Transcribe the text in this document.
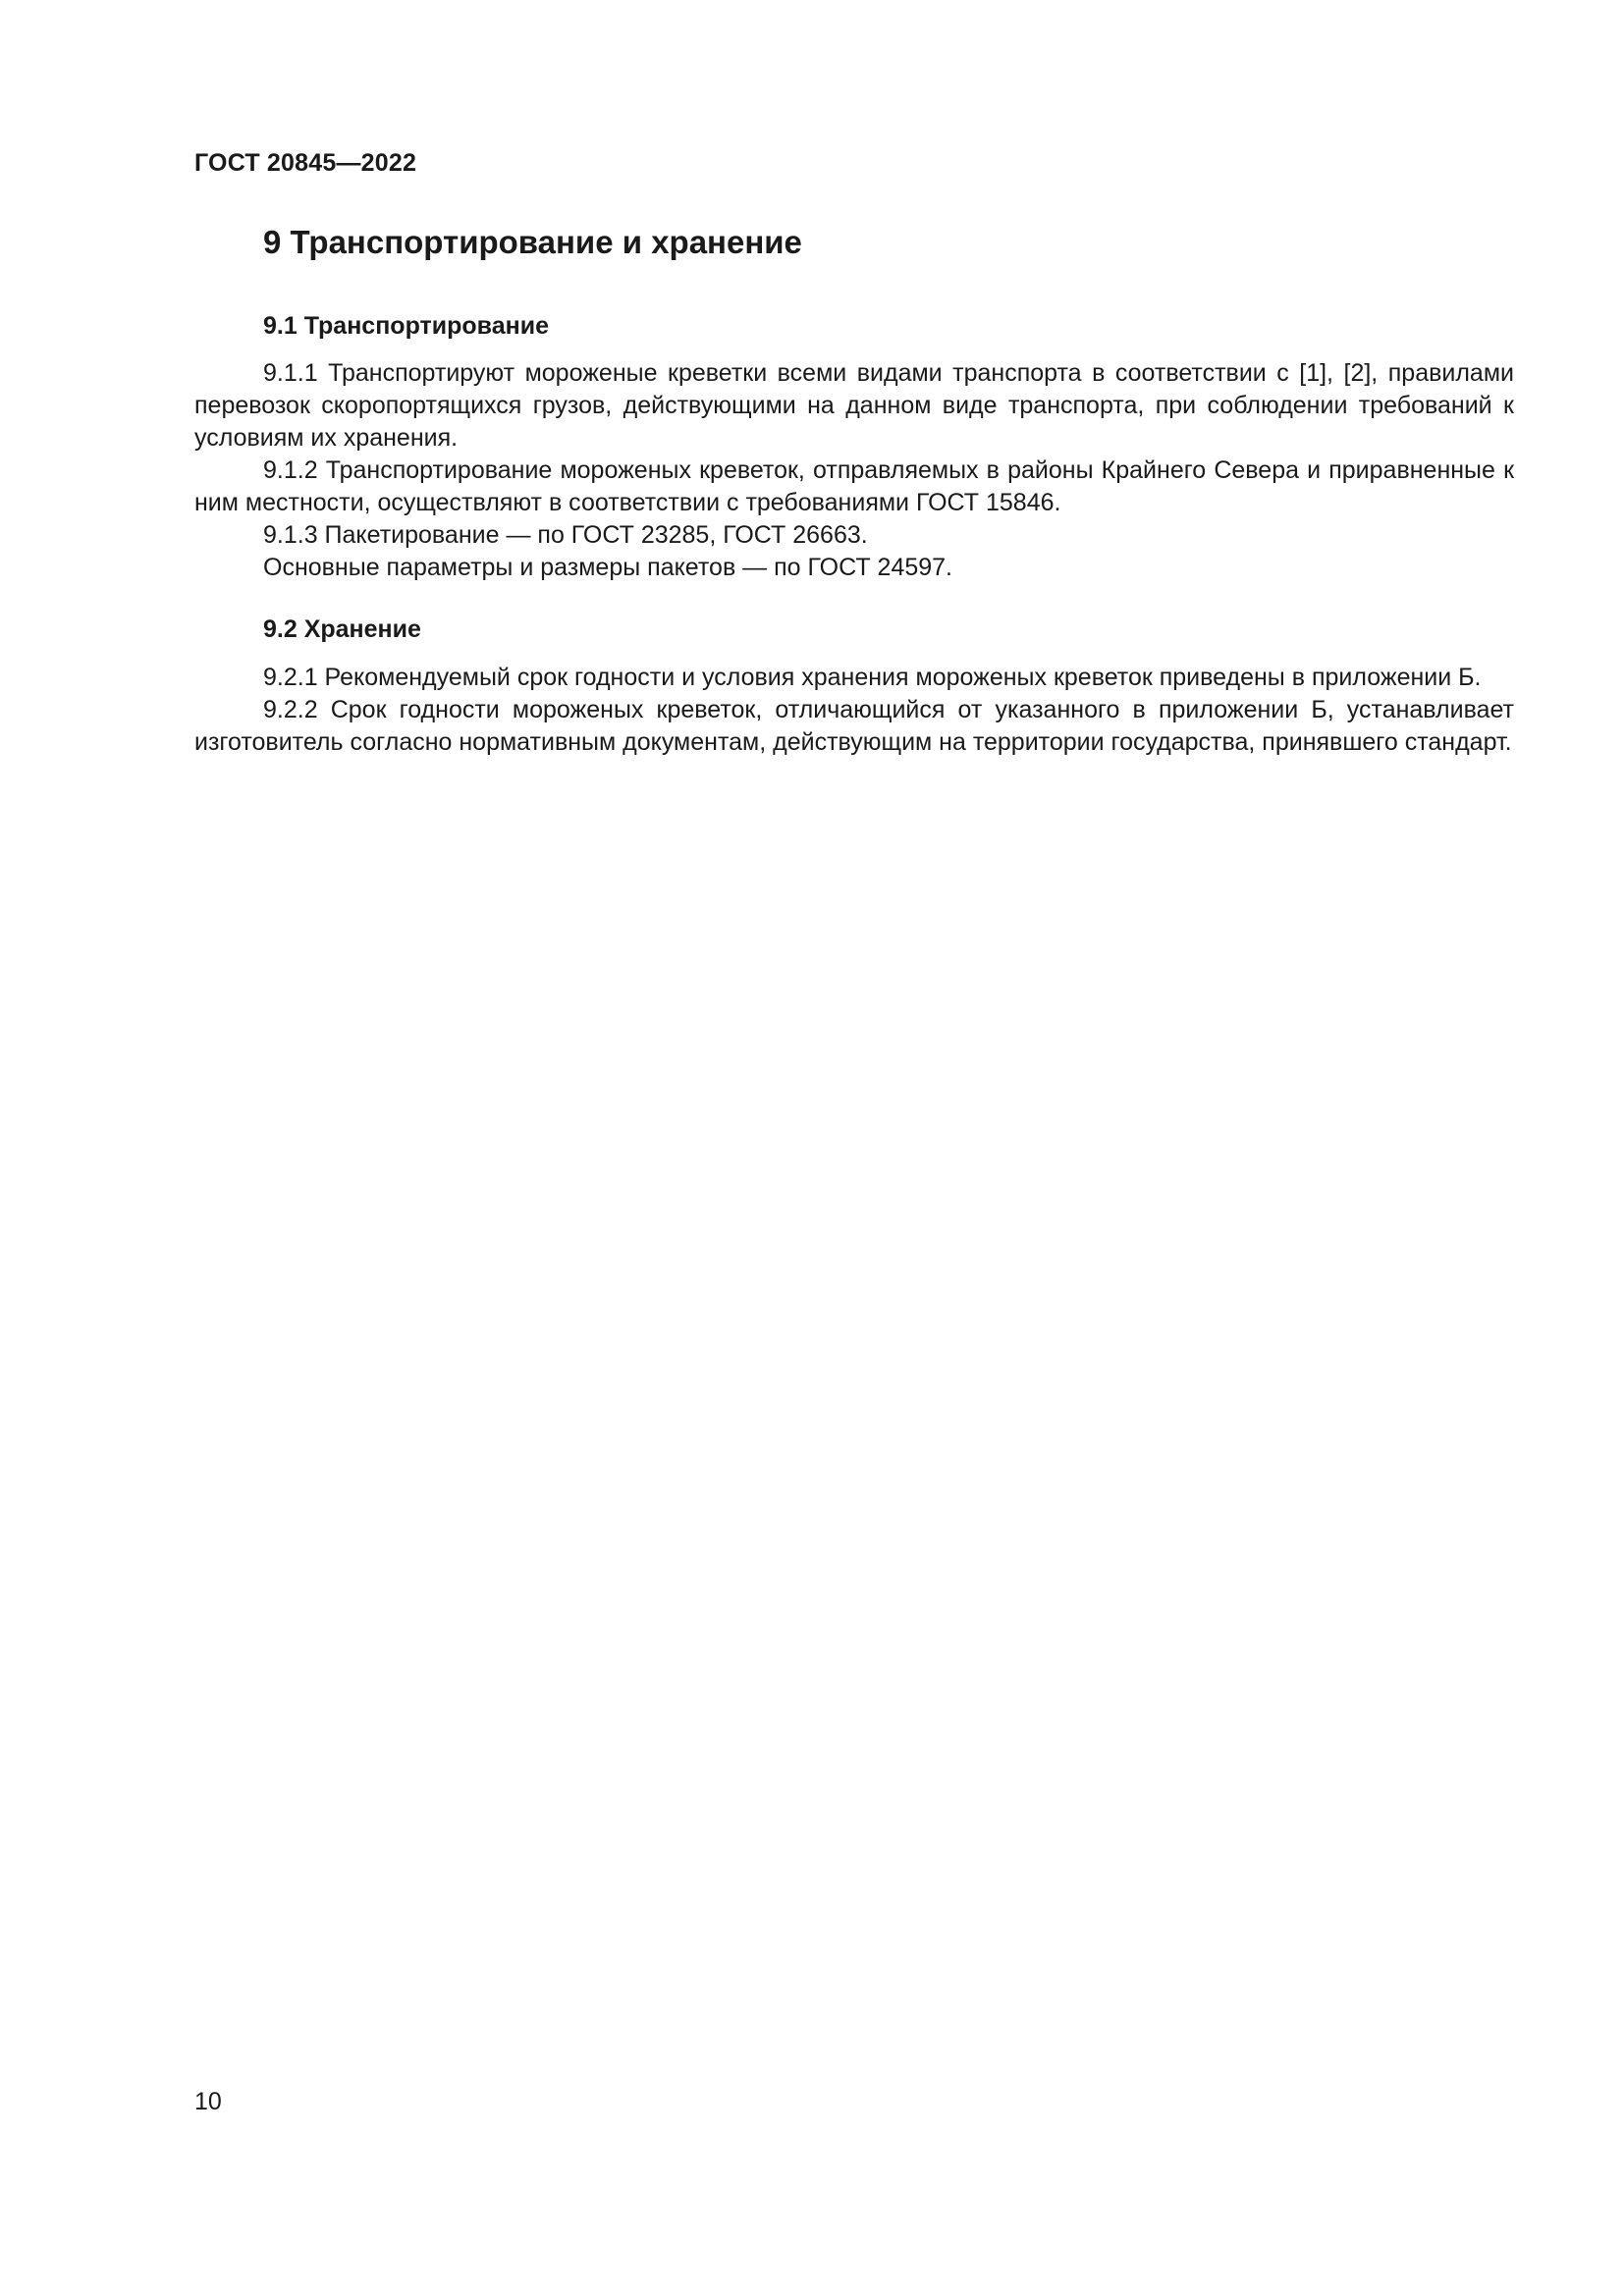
ГОСТ 20845—2022
9 Транспортирование и хранение
9.1 Транспортирование

9.1.1 Транспортируют мороженые креветки всеми видами транспорта в соответствии с [1], [2], правилами перевозок скоропортящихся грузов, действующими на данном виде транспорта, при соблюдении требований к условиям их хранения.

9.1.2 Транспортирование мороженых креветок, отправляемых в районы Крайнего Севера и приравненные к ним местности, осуществляют в соответствии с требованиями ГОСТ 15846.

9.1.3 Пакетирование — по ГОСТ 23285, ГОСТ 26663.

Основные параметры и размеры пакетов — по ГОСТ 24597.

9.2 Хранение

9.2.1 Рекомендуемый срок годности и условия хранения мороженых креветок приведены в приложении Б.

9.2.2 Срок годности мороженых креветок, отличающийся от указанного в приложении Б, устанавливает изготовитель согласно нормативным документам, действующим на территории государства, принявшего стандарт.

10
